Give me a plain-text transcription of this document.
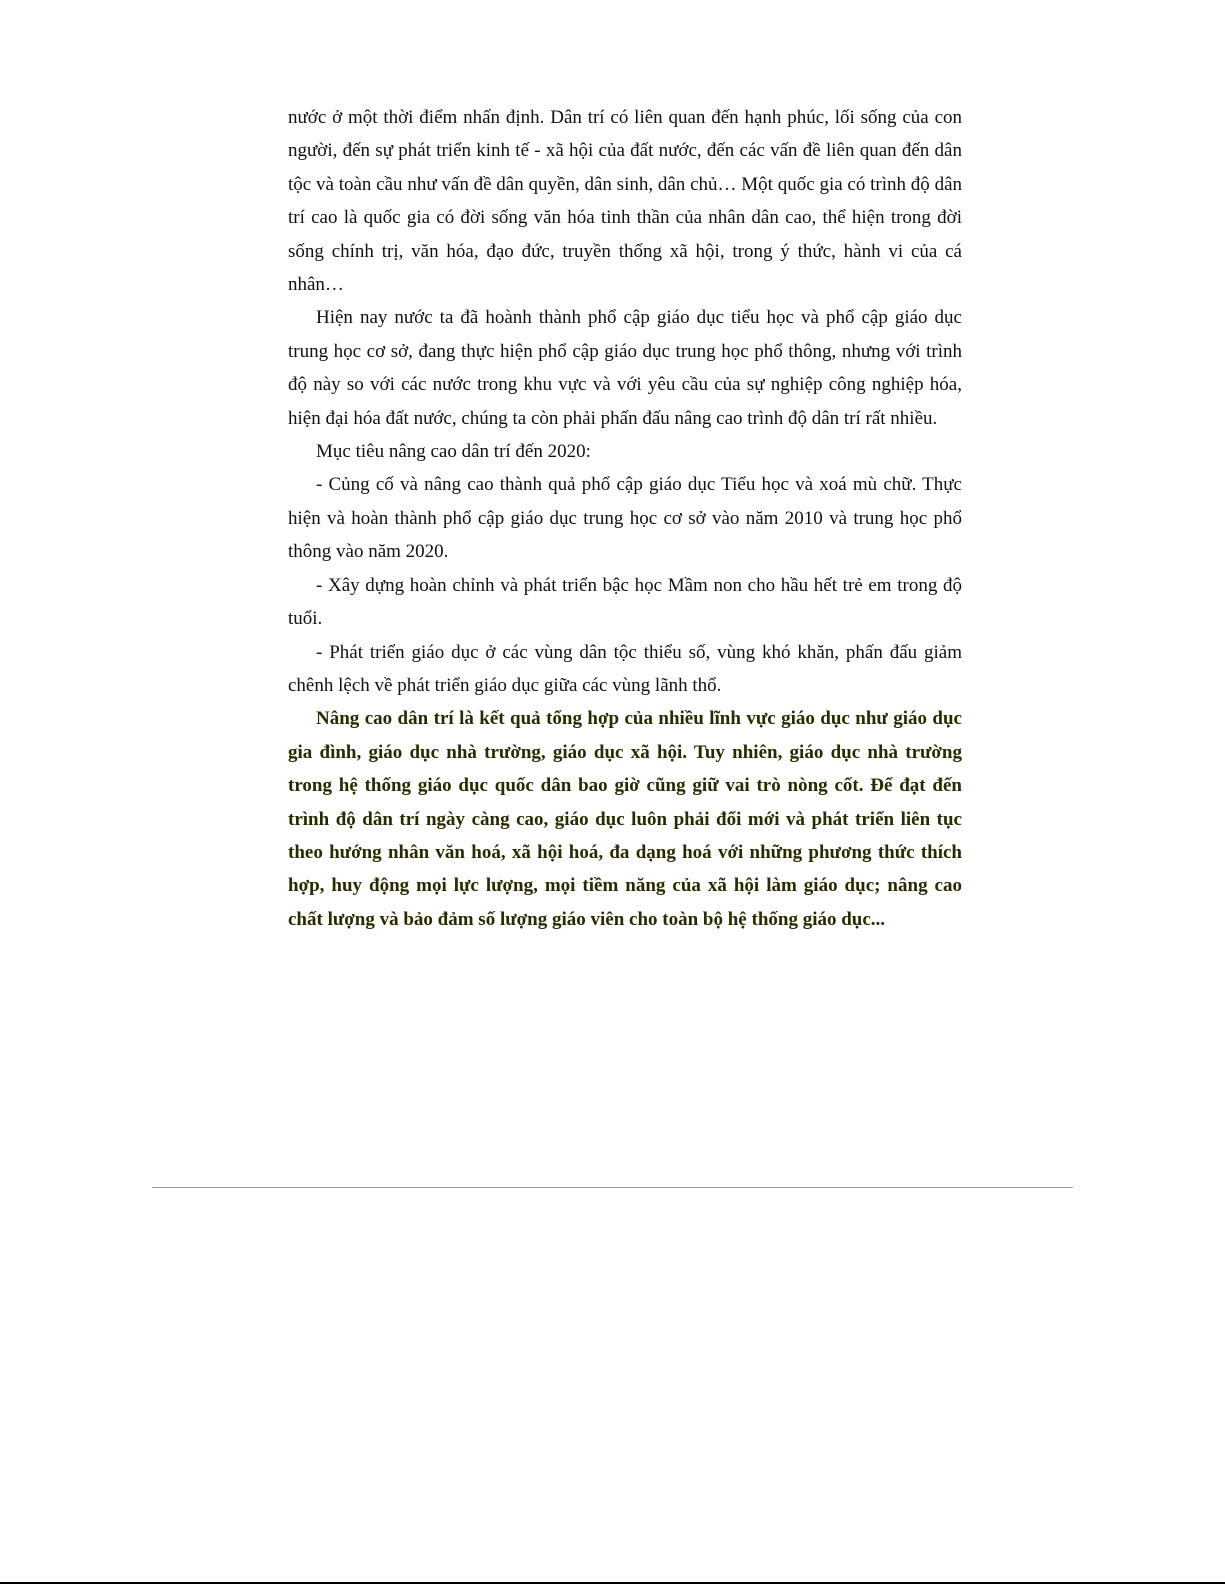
nước ở một thời điểm nhấn định. Dân trí có liên quan đến hạnh phúc, lối sống của con người, đến sự phát triển kinh tế - xã hội của đất nước, đến các vấn đề liên quan đến dân tộc và toàn cầu như vấn đề dân quyền, dân sinh, dân chủ… Một quốc gia có trình độ dân trí cao là quốc gia có đời sống văn hóa tinh thần của nhân dân cao, thể hiện trong đời sống chính trị, văn hóa, đạo đức, truyền thống xã hội, trong ý thức, hành vi của cá nhân…

Hiện nay nước ta đã hoành thành phổ cập giáo dục tiểu học và phổ cập giáo dục trung học cơ sở, đang thực hiện phổ cập giáo dục trung học phổ thông, nhưng với trình độ này so với các nước trong khu vực và với yêu cầu của sự nghiệp công nghiệp hóa, hiện đại hóa đất nước, chúng ta còn phải phấn đấu nâng cao trình độ dân trí rất nhiều.

Mục tiêu nâng cao dân trí đến 2020:

- Củng cố và nâng cao thành quả phổ cập giáo dục Tiểu học và xoá mù chữ. Thực hiện và hoàn thành phổ cập giáo dục trung học cơ sở vào năm 2010 và trung học phổ thông vào năm 2020.

- Xây dựng hoàn chỉnh và phát triển bậc học Mầm non cho hầu hết trẻ em trong độ tuổi.

- Phát triển giáo dục ở các vùng dân tộc thiểu số, vùng khó khăn, phấn đấu giảm chênh lệch về phát triển giáo dục giữa các vùng lãnh thổ.

Nâng cao dân trí là kết quả tổng hợp của nhiều lĩnh vực giáo dục như giáo dục gia đình, giáo dục nhà trường, giáo dục xã hội. Tuy nhiên, giáo dục nhà trường trong hệ thống giáo dục quốc dân bao giờ cũng giữ vai trò nòng cốt. Để đạt đến trình độ dân trí ngày càng cao, giáo dục luôn phải đổi mới và phát triển liên tục theo hướng nhân văn hoá, xã hội hoá, đa dạng hoá với những phương thức thích hợp, huy động mọi lực lượng, mọi tiềm năng của xã hội làm giáo dục; nâng cao chất lượng và bảo đảm số lượng giáo viên cho toàn bộ hệ thống giáo dục...
